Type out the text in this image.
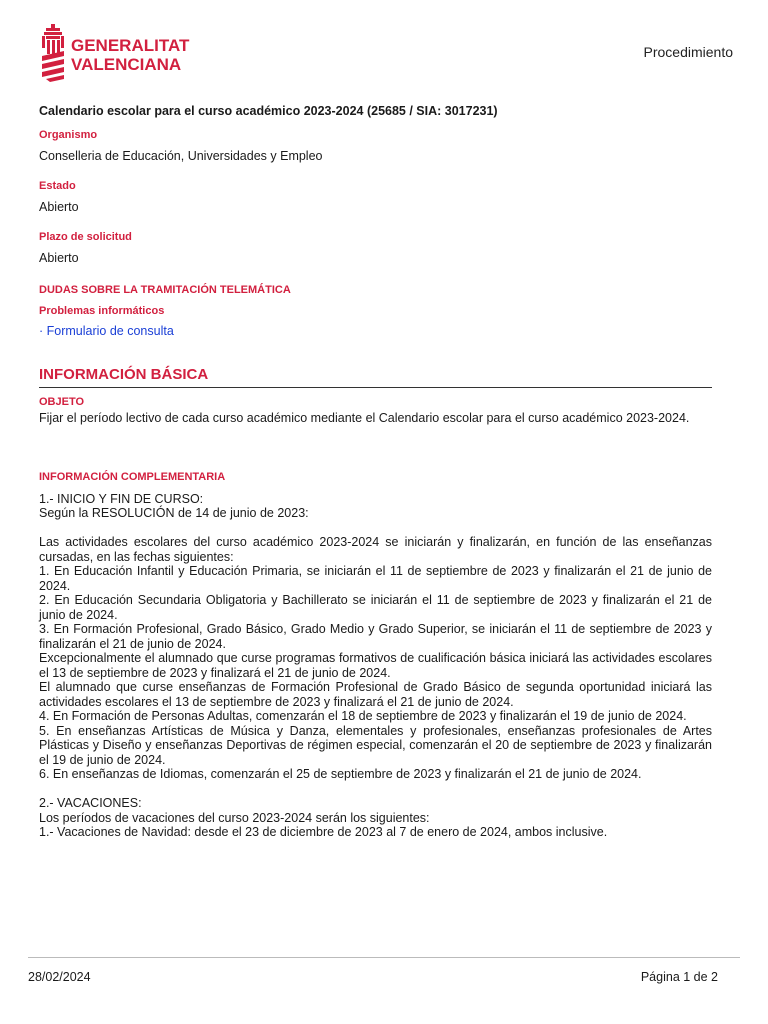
GENERALITAT
VALENCIANA
Procedimiento
Calendario escolar para el curso académico 2023-2024 (25685 / SIA: 3017231)
Organismo
Conselleria de Educación, Universidades y Empleo
Estado
Abierto
Plazo de solicitud
Abierto
DUDAS SOBRE LA TRAMITACIÓN TELEMÁTICA
Problemas informáticos
· Formulario de consulta
INFORMACIÓN BÁSICA
OBJETO
Fijar el período lectivo de cada curso académico mediante el Calendario escolar para el curso académico 2023-2024.
INFORMACIÓN COMPLEMENTARIA
1.- INICIO Y FIN DE CURSO:
Según la RESOLUCIÓN de 14 de junio de 2023:

Las actividades escolares del curso académico 2023-2024 se iniciarán y finalizarán, en función de las enseñanzas cursadas, en las fechas siguientes:
1. En Educación Infantil y Educación Primaria, se iniciarán el 11 de septiembre de 2023 y finalizarán el 21 de junio de 2024.
2. En Educación Secundaria Obligatoria y Bachillerato se iniciarán el 11 de septiembre de 2023 y finalizarán el 21 de junio de 2024.
3. En Formación Profesional, Grado Básico, Grado Medio y Grado Superior, se iniciarán el 11 de septiembre de 2023 y finalizarán el 21 de junio de 2024.
Excepcionalmente el alumnado que curse programas formativos de cualificación básica iniciará las actividades escolares el 13 de septiembre de 2023 y finalizará el 21 de junio de 2024.
El alumnado que curse enseñanzas de Formación Profesional de Grado Básico de segunda oportunidad iniciará las actividades escolares el 13 de septiembre de 2023 y finalizará el 21 de junio de 2024.
4. En Formación de Personas Adultas, comenzarán el 18 de septiembre de 2023 y finalizarán el 19 de junio de 2024.
5. En enseñanzas Artísticas de Música y Danza, elementales y profesionales, enseñanzas profesionales de Artes Plásticas y Diseño y enseñanzas Deportivas de régimen especial, comenzarán el 20 de septiembre de 2023 y finalizarán el 19 de junio de 2024.
6. En enseñanzas de Idiomas, comenzarán el 25 de septiembre de 2023 y finalizarán el 21 de junio de 2024.

2.- VACACIONES:
Los períodos de vacaciones del curso 2023-2024 serán los siguientes:
1.- Vacaciones de Navidad: desde el 23 de diciembre de 2023 al 7 de enero de 2024, ambos inclusive.
28/02/2024	Página 1 de 2
